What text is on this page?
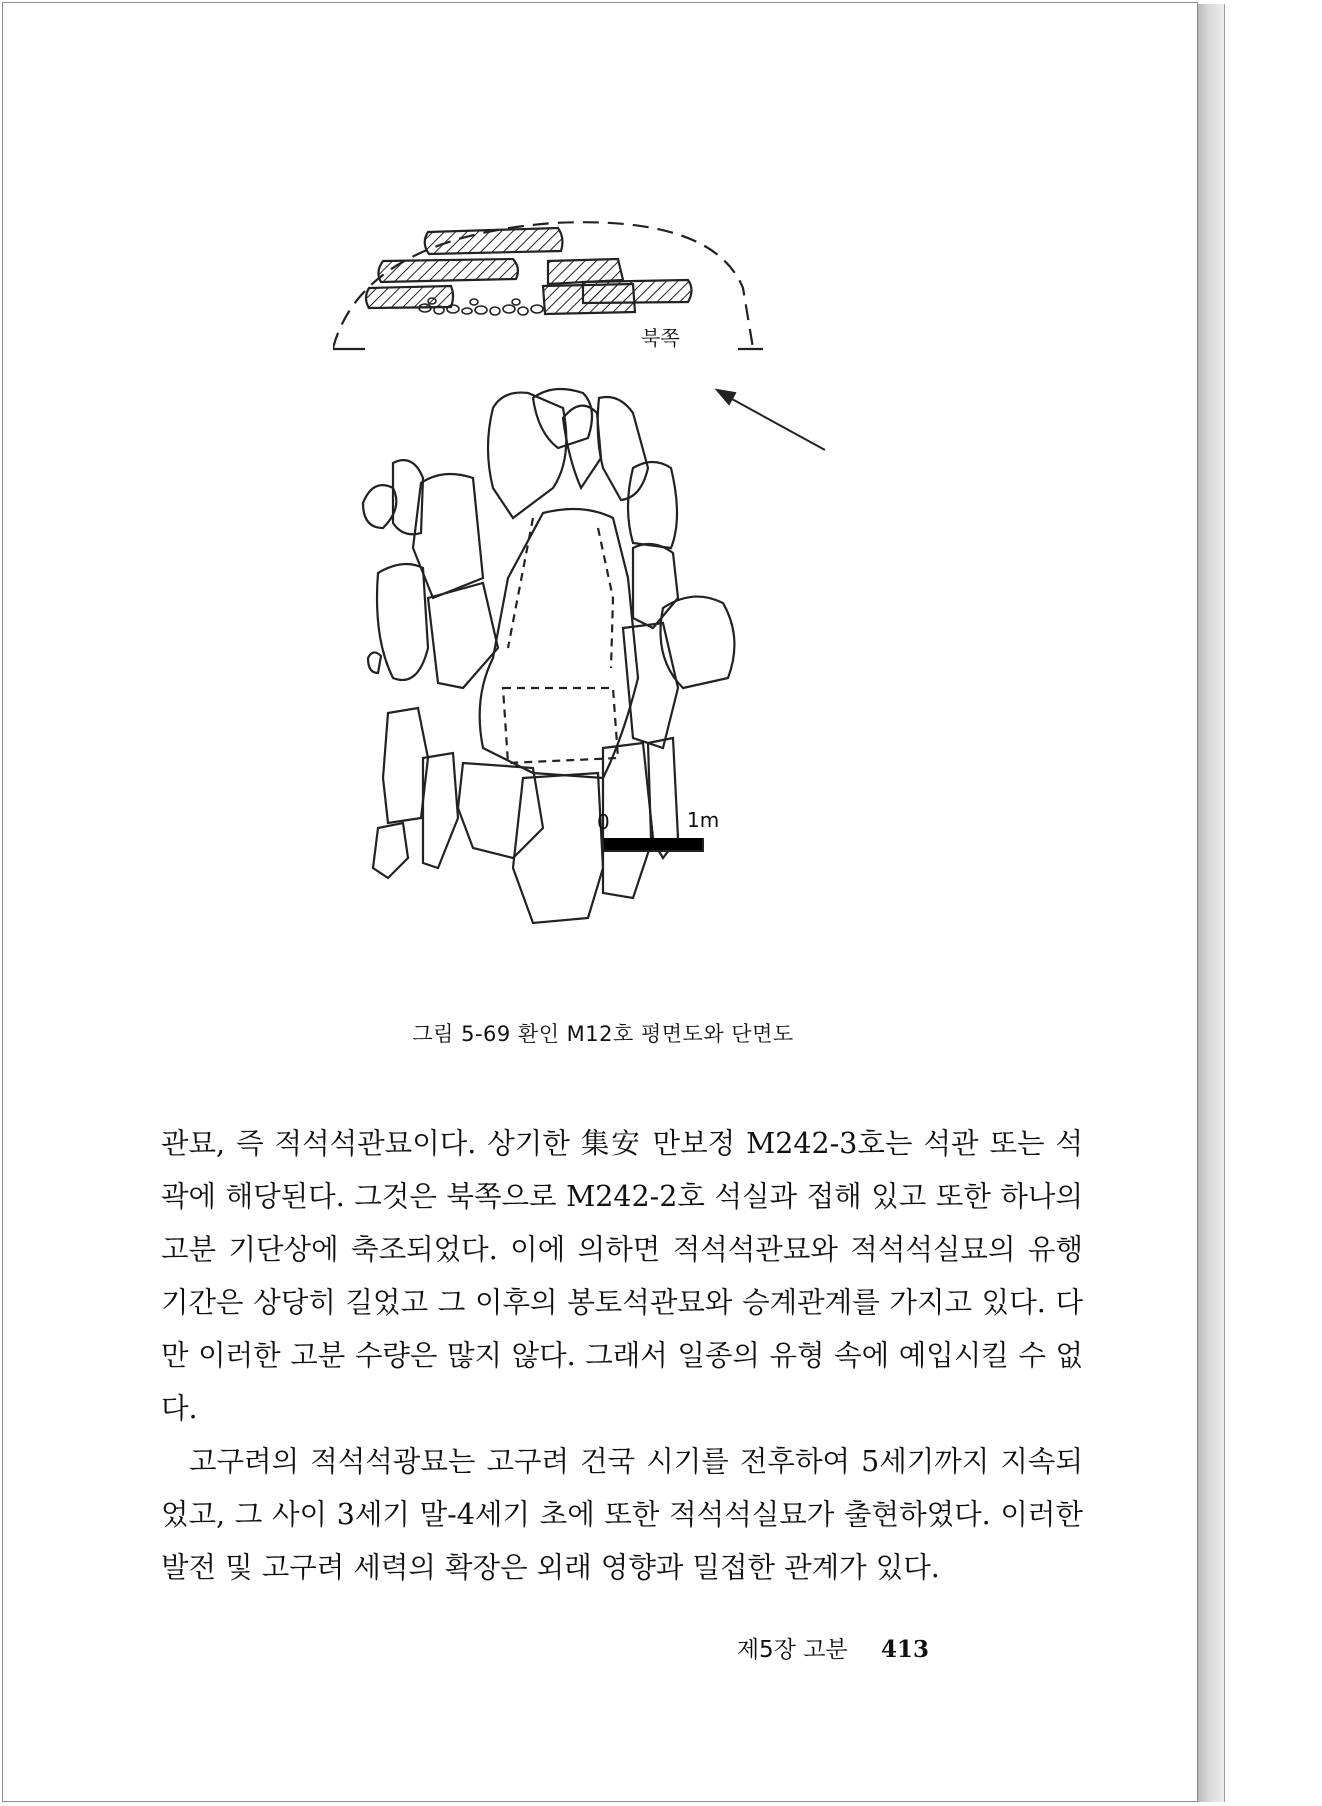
북쪽
0	1m
그림 5-69 환인 M12호 평면도와 단면도

관묘, 즉 적석석관묘이다. 상기한 集安 만보정 M242-3호는 석관 또는 석곽에 해당된다. 그것은 북쪽으로 M242-2호 석실과 접해 있고 또한 하나의 고분 기단상에 축조되었다. 이에 의하면 적석석관묘와 적석석실묘의 유행기간은 상당히 길었고 그 이후의 봉토석관묘와 승계관계를 가지고 있다. 다만 이러한 고분 수량은 많지 않다. 그래서 일종의 유형 속에 예입시킬 수 없다.

고구려의 적석석광묘는 고구려 건국 시기를 전후하여 5세기까지 지속되었고, 그 사이 3세기 말-4세기 초에 또한 적석석실묘가 출현하였다. 이러한 발전 및 고구려 세력의 확장은 외래 영향과 밀접한 관계가 있다.

제5장 고분 413
